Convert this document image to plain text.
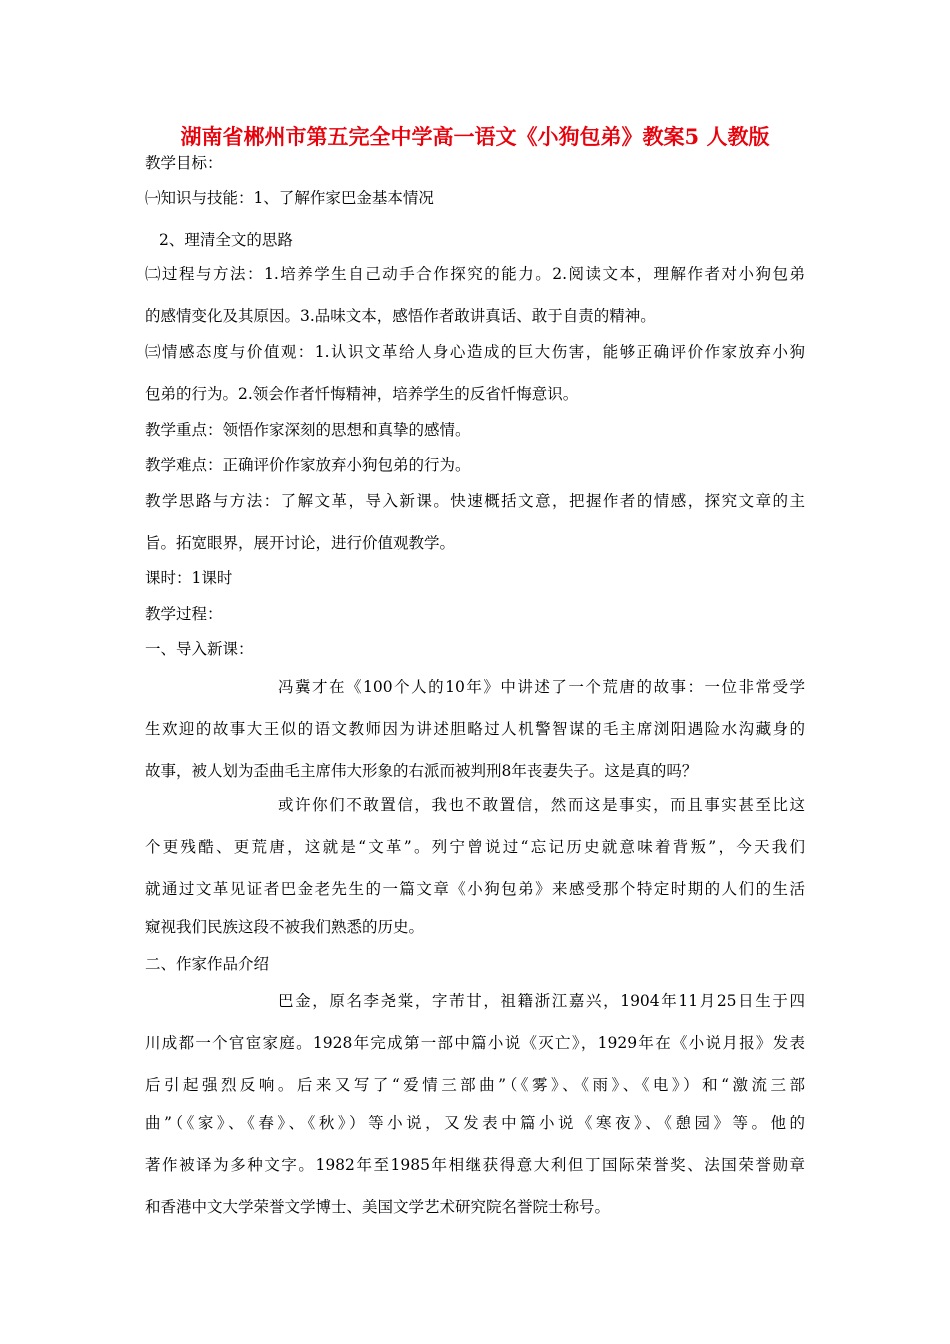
湖南省郴州市第五完全中学高一语文《小狗包弟》教案5 人教版
教学目标：
㈠知识与技能：1、了解作家巴金基本情况
2、理清全文的思路
㈡过程与方法：1.培养学生自己动手合作探究的能力。2.阅读文本，理解作者对小狗包弟
的感情变化及其原因。3.品味文本，感悟作者敢讲真话、敢于自责的精神。
㈢情感态度与价值观：1.认识文革给人身心造成的巨大伤害，能够正确评价作家放弃小狗
包弟的行为。2.领会作者忏悔精神，培养学生的反省忏悔意识。
教学重点：领悟作家深刻的思想和真挚的感情。
教学难点：正确评价作家放弃小狗包弟的行为。
教学思路与方法：了解文革，导入新课。快速概括文意，把握作者的情感，探究文章的主
旨。拓宽眼界，展开讨论，进行价值观教学。
课时：1课时
教学过程：
一、导入新课：
冯冀才在《100个人的10年》中讲述了一个荒唐的故事：一位非常受学
生欢迎的故事大王似的语文教师因为讲述胆略过人机警智谋的毛主席浏阳遇险水沟藏身的
故事，被人划为歪曲毛主席伟大形象的右派而被判刑8年丧妻失子。这是真的吗？
或许你们不敢置信，我也不敢置信，然而这是事实，而且事实甚至比这
个更残酷、更荒唐，这就是“文革”。列宁曾说过“忘记历史就意味着背叛”，今天我们
就通过文革见证者巴金老先生的一篇文章《小狗包弟》来感受那个特定时期的人们的生活
窥视我们民族这段不被我们熟悉的历史。
二、作家作品介绍
巴金，原名李尧棠，字芾甘，祖籍浙江嘉兴，1904年11月25日生于四
川成都一个官宦家庭。1928年完成第一部中篇小说《灭亡》，1929年在《小说月报》发表
后引起强烈反响。后来又写了“爱情三部曲”（《雾》、《雨》、《电》）和“激流三部
曲”（《家》、《春》、《秋》）等小说，又发表中篇小说《寒夜》、《憩园》等。他的
著作被译为多种文字。1982年至1985年相继获得意大利但丁国际荣誉奖、法国荣誉勋章
和香港中文大学荣誉文学博士、美国文学艺术研究院名誉院士称号。
